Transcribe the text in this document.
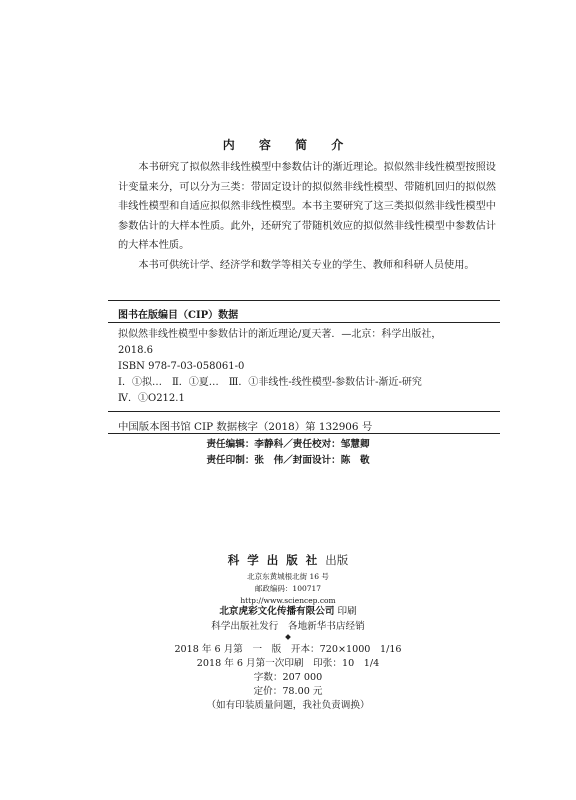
内 容 简 介

本书研究了拟似然非线性模型中参数估计的渐近理论。拟似然非线性模型按照设计变量来分，可以分为三类：带固定设计的拟似然非线性模型、带随机回归的拟似然非线性模型和自适应拟似然非线性模型。本书主要研究了这三类拟似然非线性模型中参数估计的大样本性质。此外，还研究了带随机效应的拟似然非线性模型中参数估计的大样本性质。

本书可供统计学、经济学和数学等相关专业的学生、教师和科研人员使用。

图书在版编目（CIP）数据
拟似然非线性模型中参数估计的渐近理论/夏天著．—北京：科学出版社，
2018.6
ISBN 978-7-03-058061-0
Ⅰ．①拟…　Ⅱ．①夏…　Ⅲ．①非线性-线性模型-参数估计-渐近-研究
Ⅳ．①O212.1
中国版本图书馆 CIP 数据核字（2018）第 132906 号
责任编辑：李静科／责任校对：邹慧卿
责任印制：张　伟／封面设计：陈　敬
科 学 出 版 社 出版
北京东黄城根北街 16 号
邮政编码：100717
http://www.sciencep.com
北京虎彩文化传播有限公司 印刷
科学出版社发行　各地新华书店经销
2018 年 6 月第　一　版　开本：720×1000　1/16
2018 年 6 月第一次印刷　印张：10　1/4
字数：207 000
定价：78.00 元
（如有印装质量问题，我社负责调换）
